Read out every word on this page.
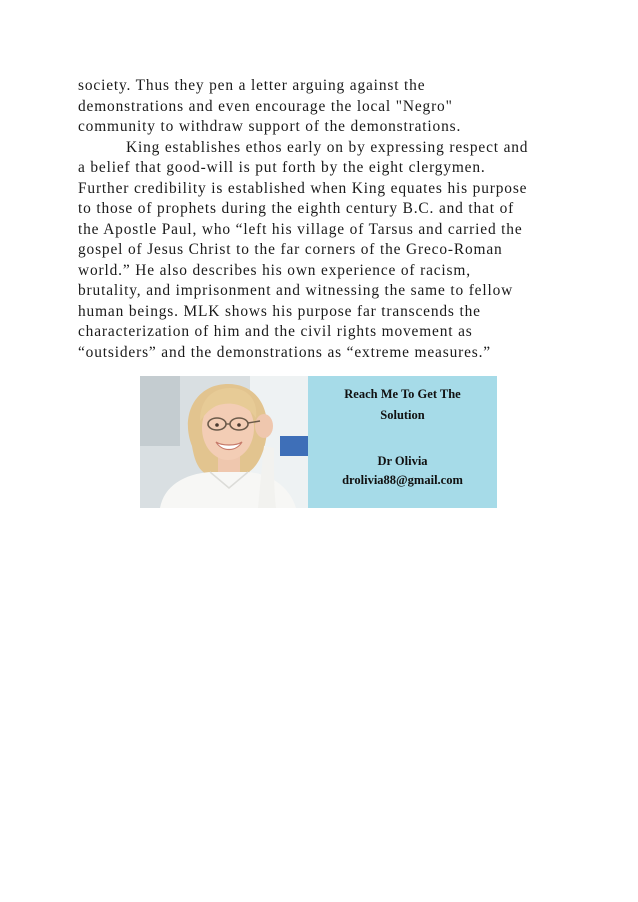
society. Thus they pen a letter arguing against the
demonstrations and even encourage the local "Negro"
community to withdraw support of the demonstrations.
King establishes ethos early on by expressing respect and
a belief that good-will is put forth by the eight clergymen.
Further credibility is established when King equates his purpose
to those of prophets during the eighth century B.C. and that of
the Apostle Paul, who “left his village of Tarsus and carried the
gospel of Jesus Christ to the far corners of the Greco-Roman
world.” He also describes his own experience of racism,
brutality, and imprisonment and witnessing the same to fellow
human beings. MLK shows his purpose far transcends the
characterization of him and the civil rights movement as
“outsiders” and the demonstrations as “extreme measures.”
Reach Me To Get The
Solution
Dr Olivia
drolivia88@gmail.com
